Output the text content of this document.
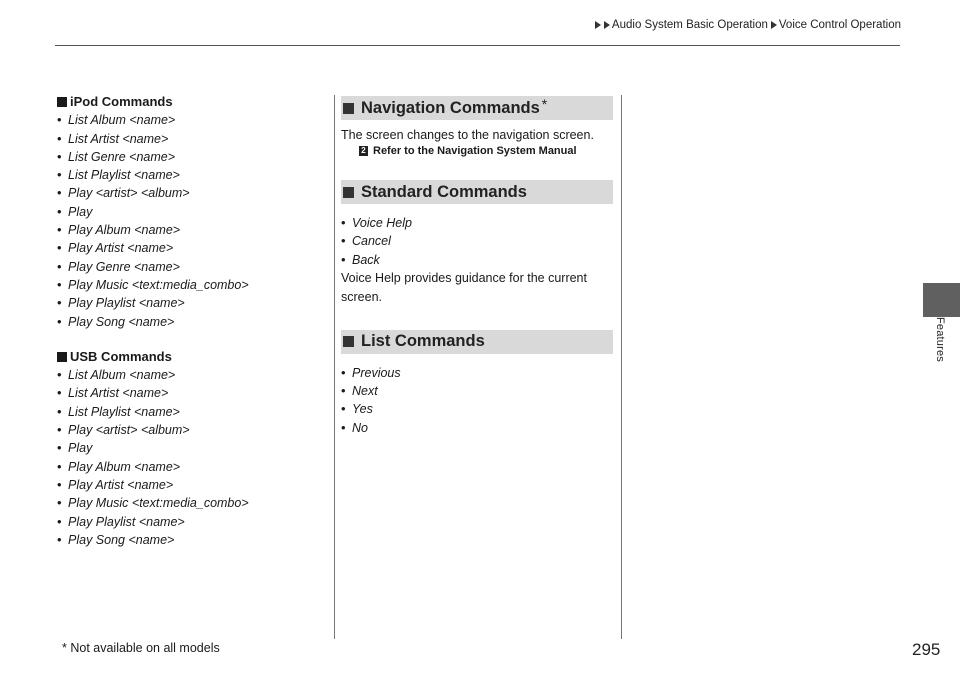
Audio System Basic Operation Voice Control Operation
Features
iPod Commands
• List Album <name>
• List Artist <name>
• List Genre <name>
• List Playlist <name>
• Play <artist> <album>
• Play
• Play Album <name>
• Play Artist <name>
• Play Genre <name>
• Play Music <text:media_combo>
• Play Playlist <name>
• Play Song <name>
USB Commands
• List Album <name>
• List Artist <name>
• List Playlist <name>
• Play <artist> <album>
• Play
• Play Album <name>
• Play Artist <name>
• Play Music <text:media_combo>
• Play Playlist <name>
• Play Song <name>
Navigation Commands *

The screen changes to the navigation screen.

2 Refer to the Navigation System Manual
Standard Commands
• Voice Help
• Cancel
• Back

Voice Help provides guidance for the current screen.

List Commands
• Previous
• Next
• Yes
• No
* Not available on all models	295
